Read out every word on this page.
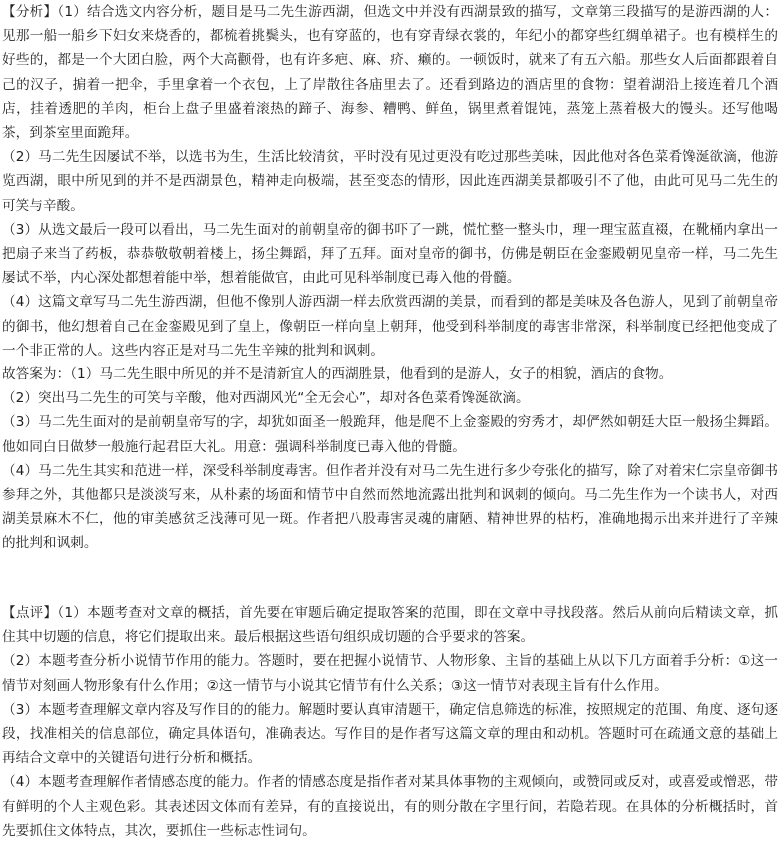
【分析】（1）结合选文内容分析，题目是马二先生游西湖，但选文中并没有西湖景致的描写，文章第三段描写的是游西湖的人：见那一船一船乡下妇女来烧香的，都梳着挑鬓头，也有穿蓝的，也有穿青绿衣裳的，年纪小的都穿些红绸单裙子。也有模样生的好些的，都是一个大团白脸，两个大高颧骨，也有许多疤、麻、疥、癞的。一顿饭时，就来了有五六船。那些女人后面都跟着自己的汉子，掮着一把伞，手里拿着一个衣包，上了岸散往各庙里去了。还看到路边的酒店里的食物：望着湖沿上接连着几个酒店，挂着透肥的羊肉，柜台上盘子里盛着滚热的蹄子、海参、糟鸭、鲜鱼，锅里煮着馄饨，蒸笼上蒸着极大的馒头。还写他喝茶，到茶室里面跪拜。

（2）马二先生因屡试不举，以选书为生，生活比较清贫，平时没有见过更没有吃过那些美味，因此他对各色菜肴馋涎欲滴，他游览西湖，眼中所见到的并不是西湖景色，精神走向极端，甚至变态的情形，因此连西湖美景都吸引不了他，由此可见马二先生的可笑与辛酸。

（3）从选文最后一段可以看出，马二先生面对的前朝皇帝的御书吓了一跳，慌忙整一整头巾，理一理宝蓝直裰，在靴桶内拿出一把扇子来当了药板，恭恭敬敬朝着楼上，扬尘舞蹈，拜了五拜。面对皇帝的御书，仿佛是朝臣在金銮殿朝见皇帝一样，马二先生屡试不举，内心深处都想着能中举，想着能做官，由此可见科举制度已毒入他的骨髓。

（4）这篇文章写马二先生游西湖，但他不像别人游西湖一样去欣赏西湖的美景，而看到的都是美味及各色游人，见到了前朝皇帝的御书，他幻想着自己在金銮殿见到了皇上，像朝臣一样向皇上朝拜，他受到科举制度的毒害非常深，科举制度已经把他变成了一个非正常的人。这些内容正是对马二先生辛辣的批判和讽刺。

故答案为：（1）马二先生眼中所见的并不是清新宜人的西湖胜景，他看到的是游人，女子的相貌，酒店的食物。

（2）突出马二先生的可笑与辛酸，他对西湖风光“全无会心”，却对各色菜肴馋涎欲滴。

（3）马二先生面对的是前朝皇帝写的字，却犹如面圣一般跪拜，他是爬不上金銮殿的穷秀才，却俨然如朝廷大臣一般扬尘舞蹈。他如同白日做梦一般施行起君臣大礼。用意：强调科举制度已毒入他的骨髓。

（4）马二先生其实和范进一样，深受科举制度毒害。但作者并没有对马二先生进行多少夸张化的描写，除了对着宋仁宗皇帝御书参拜之外，其他都只是淡淡写来，从朴素的场面和情节中自然而然地流露出批判和讽刺的倾向。马二先生作为一个读书人，对西湖美景麻木不仁，他的审美感贫乏浅薄可见一斑。作者把八股毒害灵魂的庸陋、精神世界的枯朽，准确地揭示出来并进行了辛辣的批判和讽刺。

【点评】（1）本题考查对文章的概括，首先要在审题后确定提取答案的范围，即在文章中寻找段落。然后从前向后精读文章，抓住其中切题的信息，将它们提取出来。最后根据这些语句组织成切题的合乎要求的答案。

（2）本题考查分析小说情节作用的能力。答题时，要在把握小说情节、人物形象、主旨的基础上从以下几方面着手分析：①这一情节对刻画人物形象有什么作用；②这一情节与小说其它情节有什么关系；③这一情节对表现主旨有什么作用。

（3）本题考查理解文章内容及写作目的的能力。解题时要认真审清题干，确定信息筛选的标准，按照规定的范围、角度、逐句逐段，找准相关的信息部位，确定具体语句，准确表达。写作目的是作者写这篇文章的理由和动机。答题时可在疏通文意的基础上再结合文章中的关键语句进行分析和概括。

（4）本题考查理解作者情感态度的能力。作者的情感态度是指作者对某具体事物的主观倾向，或赞同或反对，或喜爱或憎恶，带有鲜明的个人主观色彩。其表述因文体而有差异，有的直接说出，有的则分散在字里行间，若隐若现。在具体的分析概括时，首先要抓住文体特点，其次，要抓住一些标志性词句。
